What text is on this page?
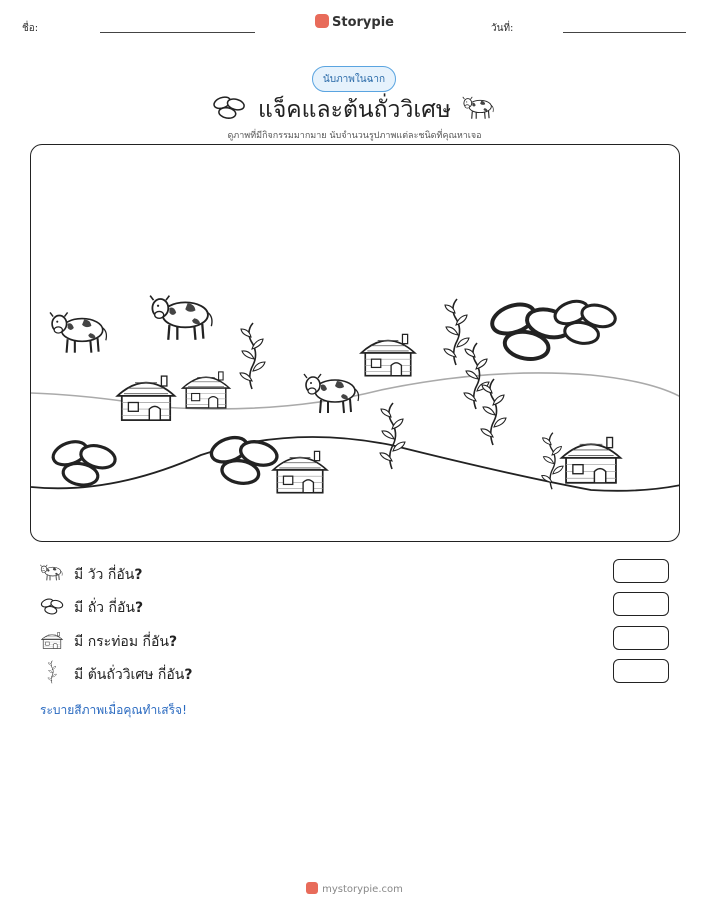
ชื่อ:	Storypie	วันที่:
นับภาพในฉาก
แจ็คและต้นถั่ววิเศษ
ดูภาพที่มีกิจกรรมมากมาย นับจำนวนรูปภาพแต่ละชนิดที่คุณหาเจอ
มี วัว กี่อัน?
มี ถั่ว กี่อัน?
มี กระท่อม กี่อัน?
มี ต้นถั่ววิเศษ กี่อัน?
ระบายสีภาพเมื่อคุณทำเสร็จ!
mystorypie.com
